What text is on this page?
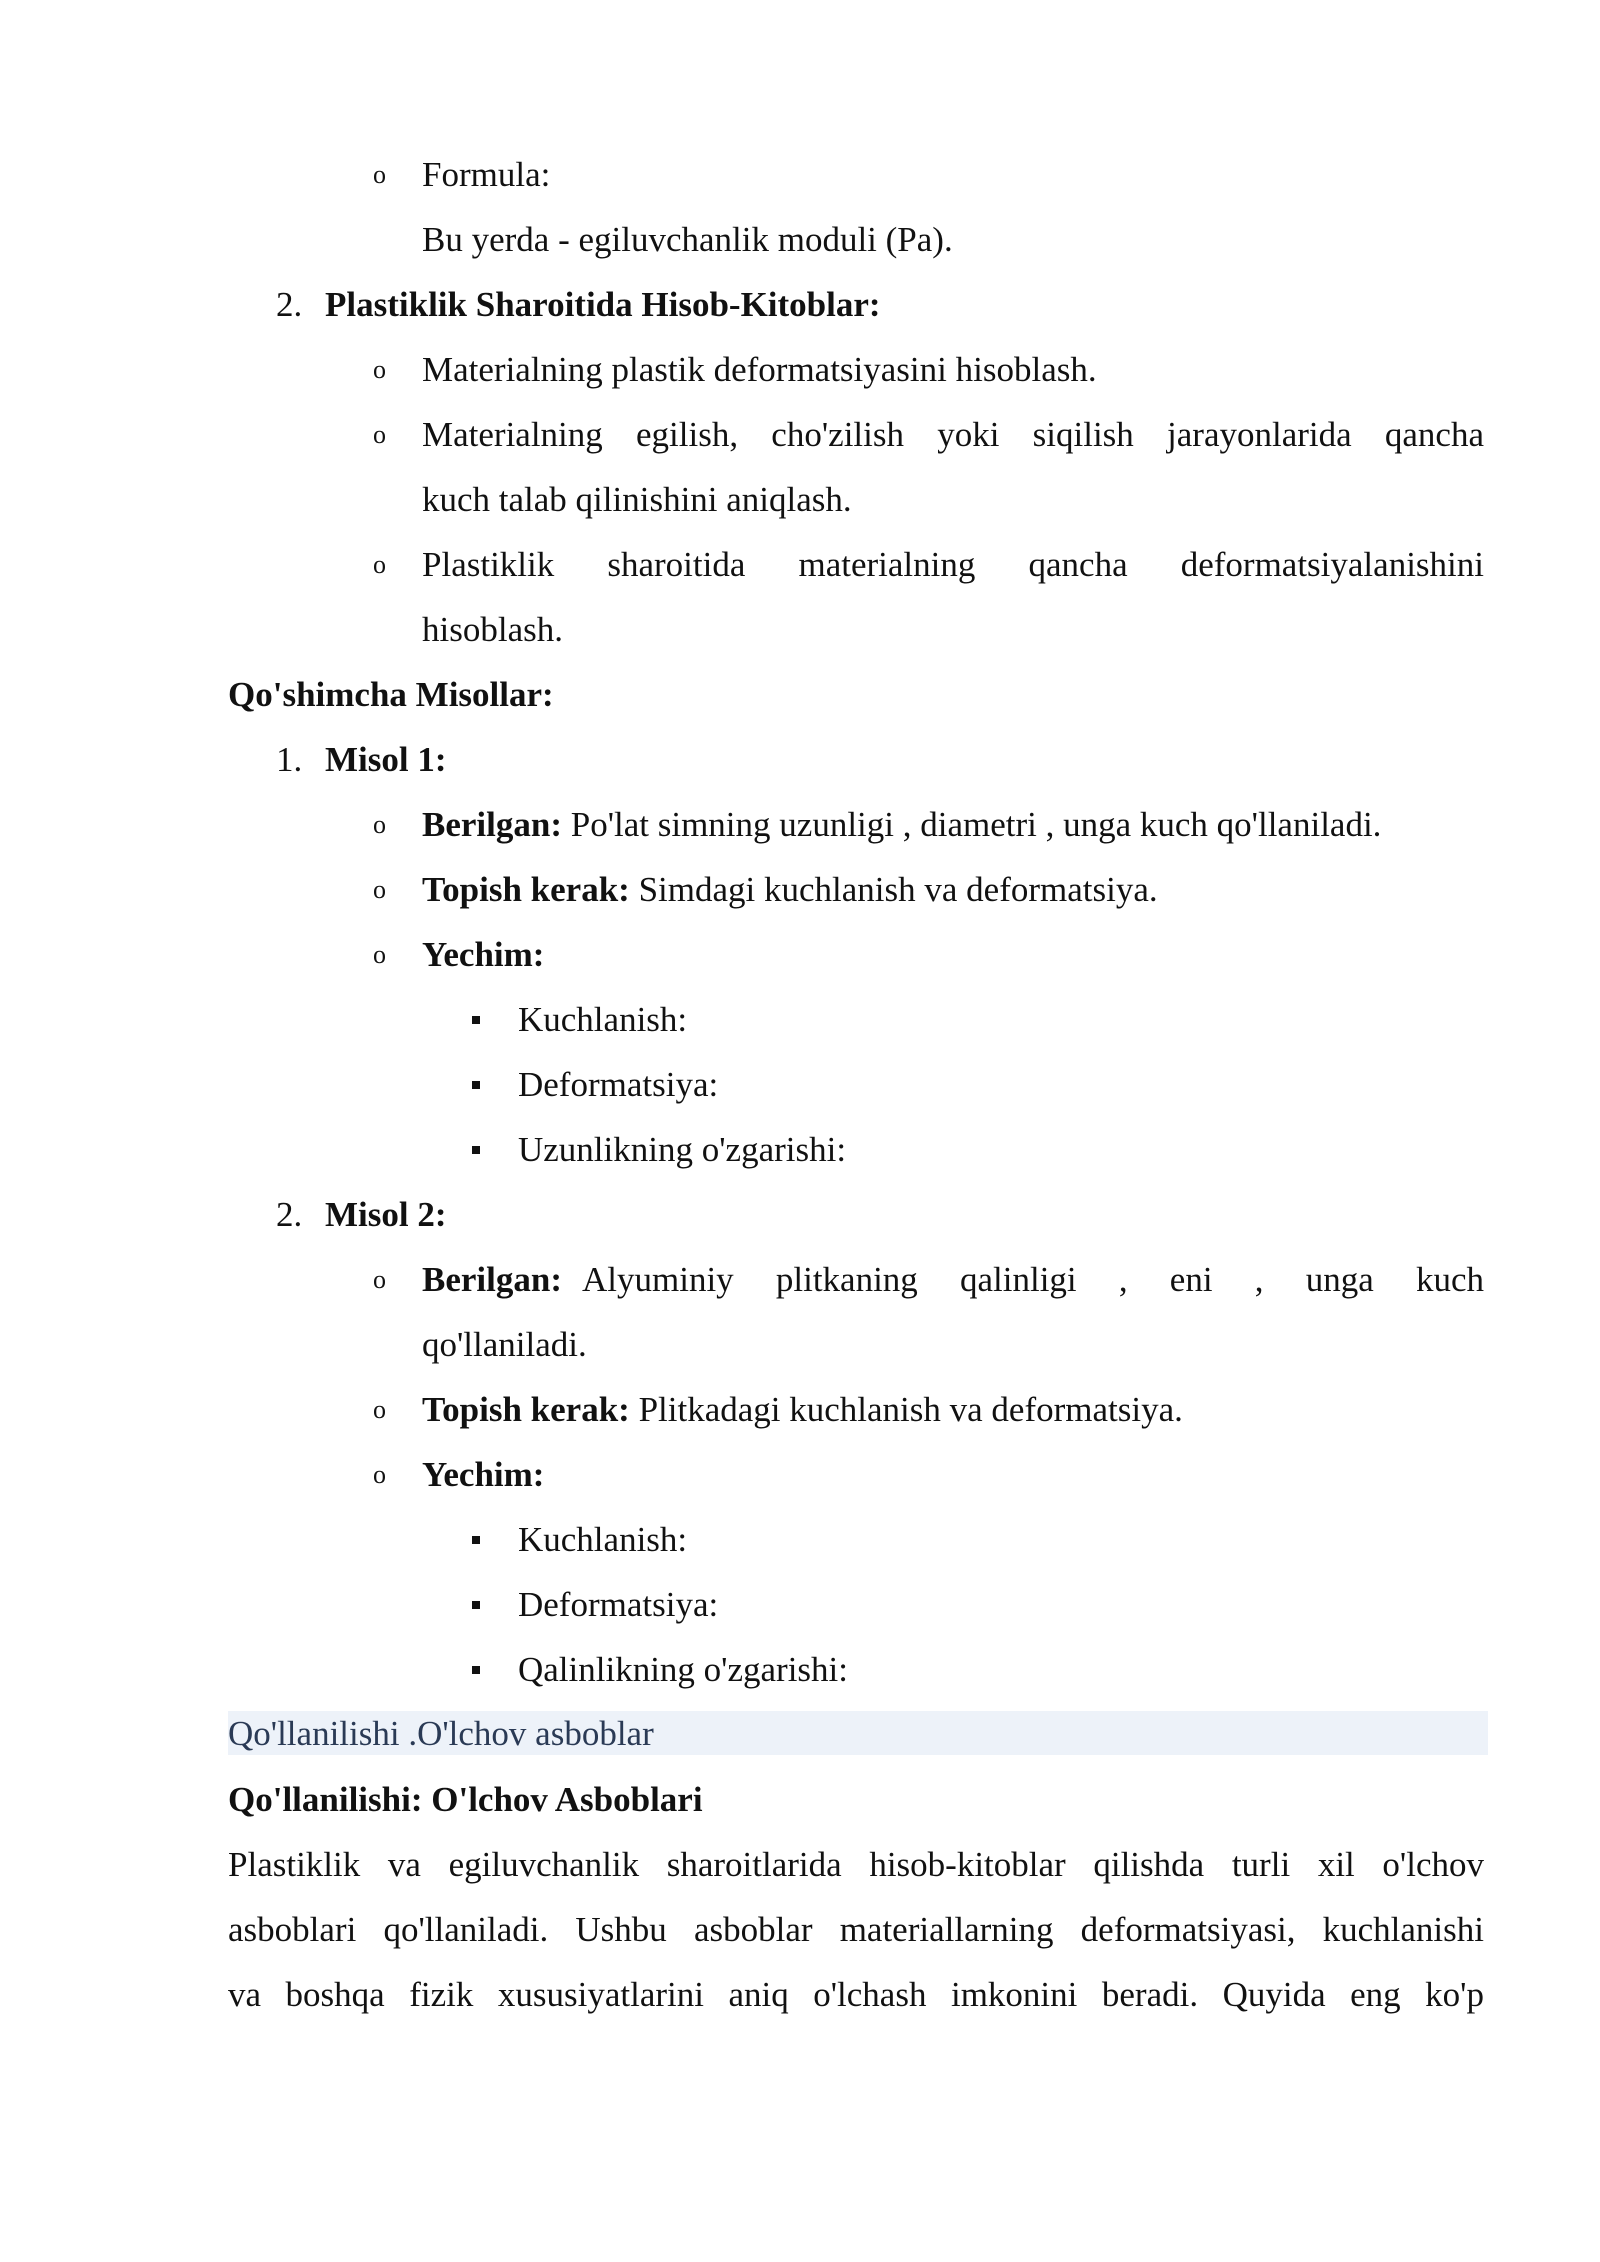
o Formula:
Bu yerda - egiluvchanlik moduli (Pa).
2. Plastiklik Sharoitida Hisob-Kitoblar:
o Materialning plastik deformatsiyasini hisoblash.
o Materialning egilish, cho'zilish yoki siqilish jarayonlarida qancha
kuch talab qilinishini aniqlash.
o Plastiklik sharoitida materialning qancha deformatsiyalanishini
hisoblash.
Qo'shimcha Misollar:
1. Misol 1:
o Berilgan: Po'lat simning uzunligi , diametri , unga kuch qo'llaniladi.
o Topish kerak: Simdagi kuchlanish va deformatsiya.
o Yechim:
Kuchlanish:
Deformatsiya:
Uzunlikning o'zgarishi:
2. Misol 2:
o Berilgan: Alyuminiy plitkaning qalinligi , eni , unga kuch
qo'llaniladi.
o Topish kerak: Plitkadagi kuchlanish va deformatsiya.
o Yechim:
Kuchlanish:
Deformatsiya:
Qalinlikning o'zgarishi:
Qo'llanilishi .O'lchov asboblar
Qo'llanilishi: O'lchov Asboblari
Plastiklik va egiluvchanlik sharoitlarida hisob-kitoblar qilishda turli xil o'lchov
asboblari qo'llaniladi. Ushbu asboblar materiallarning deformatsiyasi, kuchlanishi
va boshqa fizik xususiyatlarini aniq o'lchash imkonini beradi. Quyida eng ko'p
